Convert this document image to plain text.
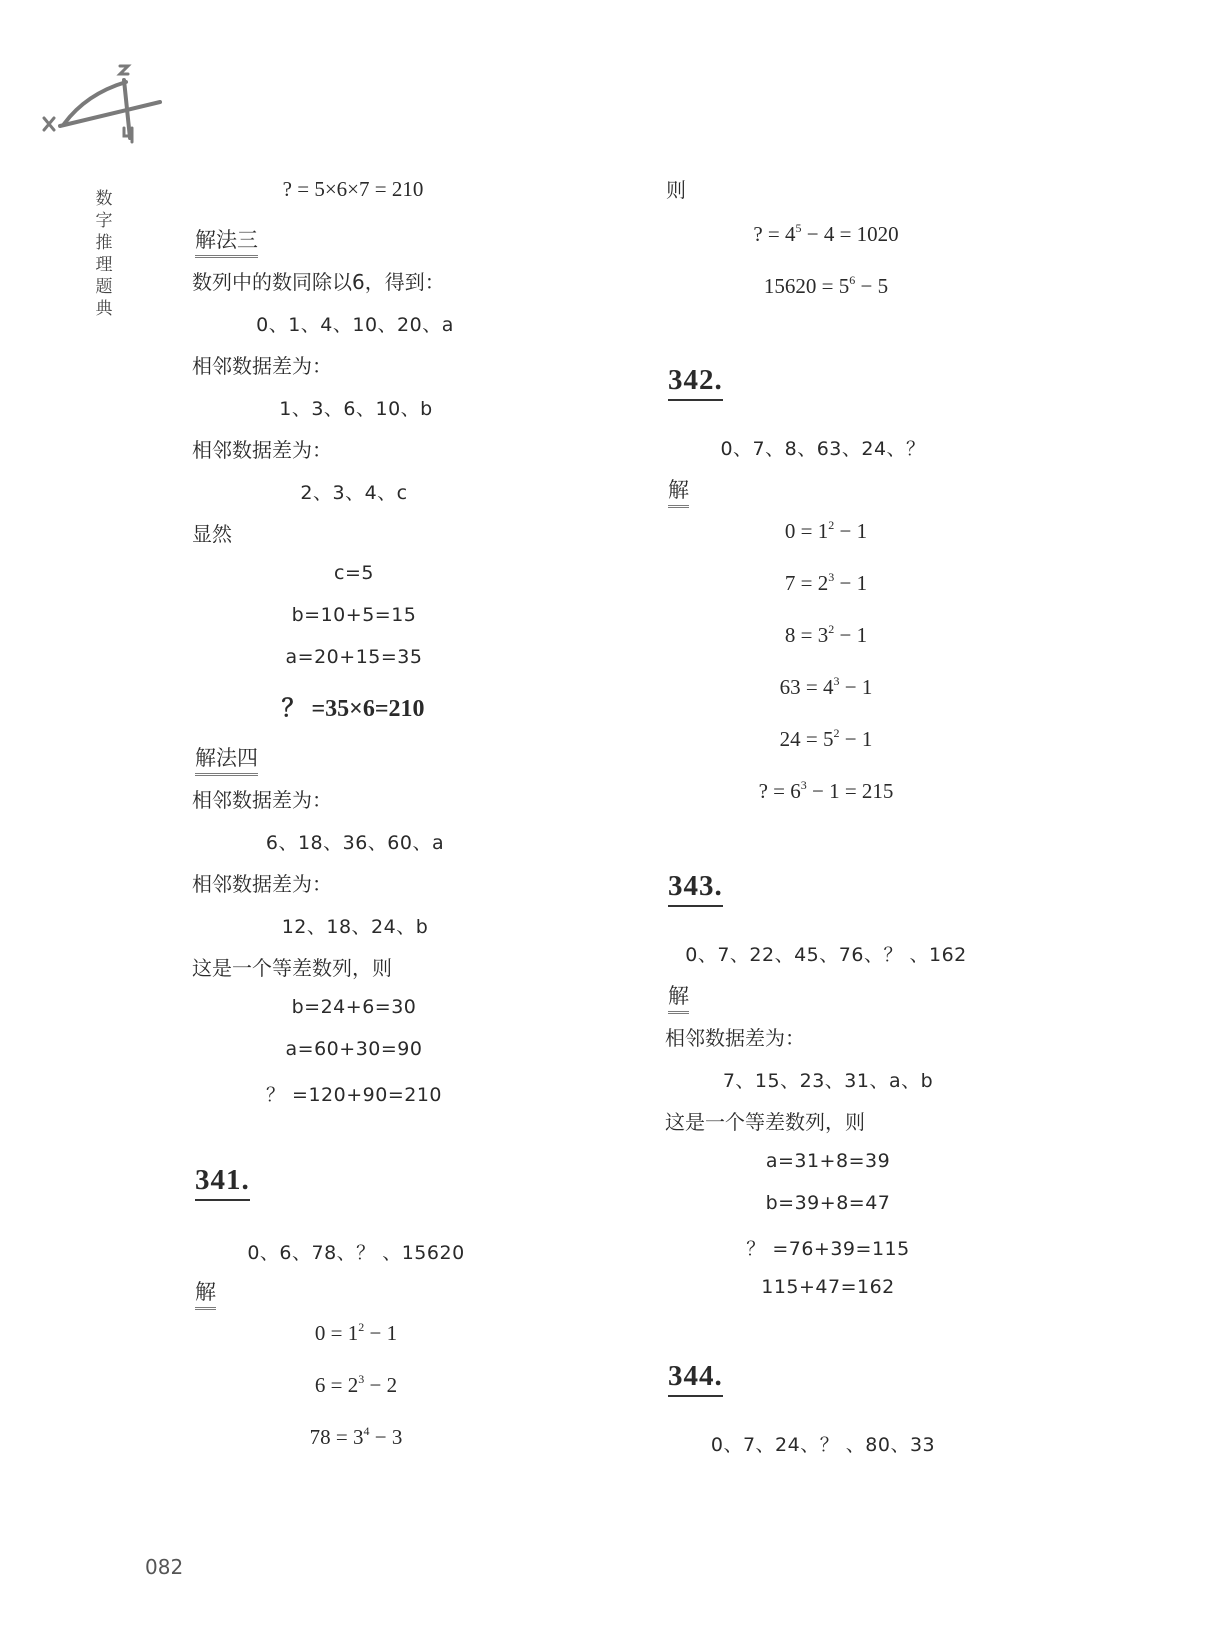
数
字
推
理
题
典
? = 5×6×7 = 210
解法三
数列中的数同除以6，得到：
0、1、4、10、20、a
相邻数据差为：
1、3、6、10、b
相邻数据差为：
2、3、4、c
显然
c=5
b=10+5=15
a=20+15=35
？ =35×6=210
解法四
相邻数据差为：
6、18、36、60、a
相邻数据差为：
12、18、24、b
这是一个等差数列，则
b=24+6=30
a=60+30=90
？ =120+90=210
341.
0、6、78、？ 、15620
解
$0 = 1^2 - 1$
$6 = 2^3 - 2$
$78 = 3^4 - 3$
则
? = $4^5 - 4 = 1020$
$15620 = 5^6 - 5$
342.
0、7、8、63、24、？
解
$0 = 1^2 - 1$
$7 = 2^3 - 1$
$8 = 3^2 - 1$
$63 = 4^3 - 1$
$24 = 5^2 - 1$
? = $6^3 - 1 = 215$
343.
0、7、22、45、76、？ 、162
解
相邻数据差为：
7、15、23、31、a、b
这是一个等差数列，则
a=31+8=39
b=39+8=47
？ =76+39=115
115+47=162
344.
0、7、24、？ 、80、33
082
